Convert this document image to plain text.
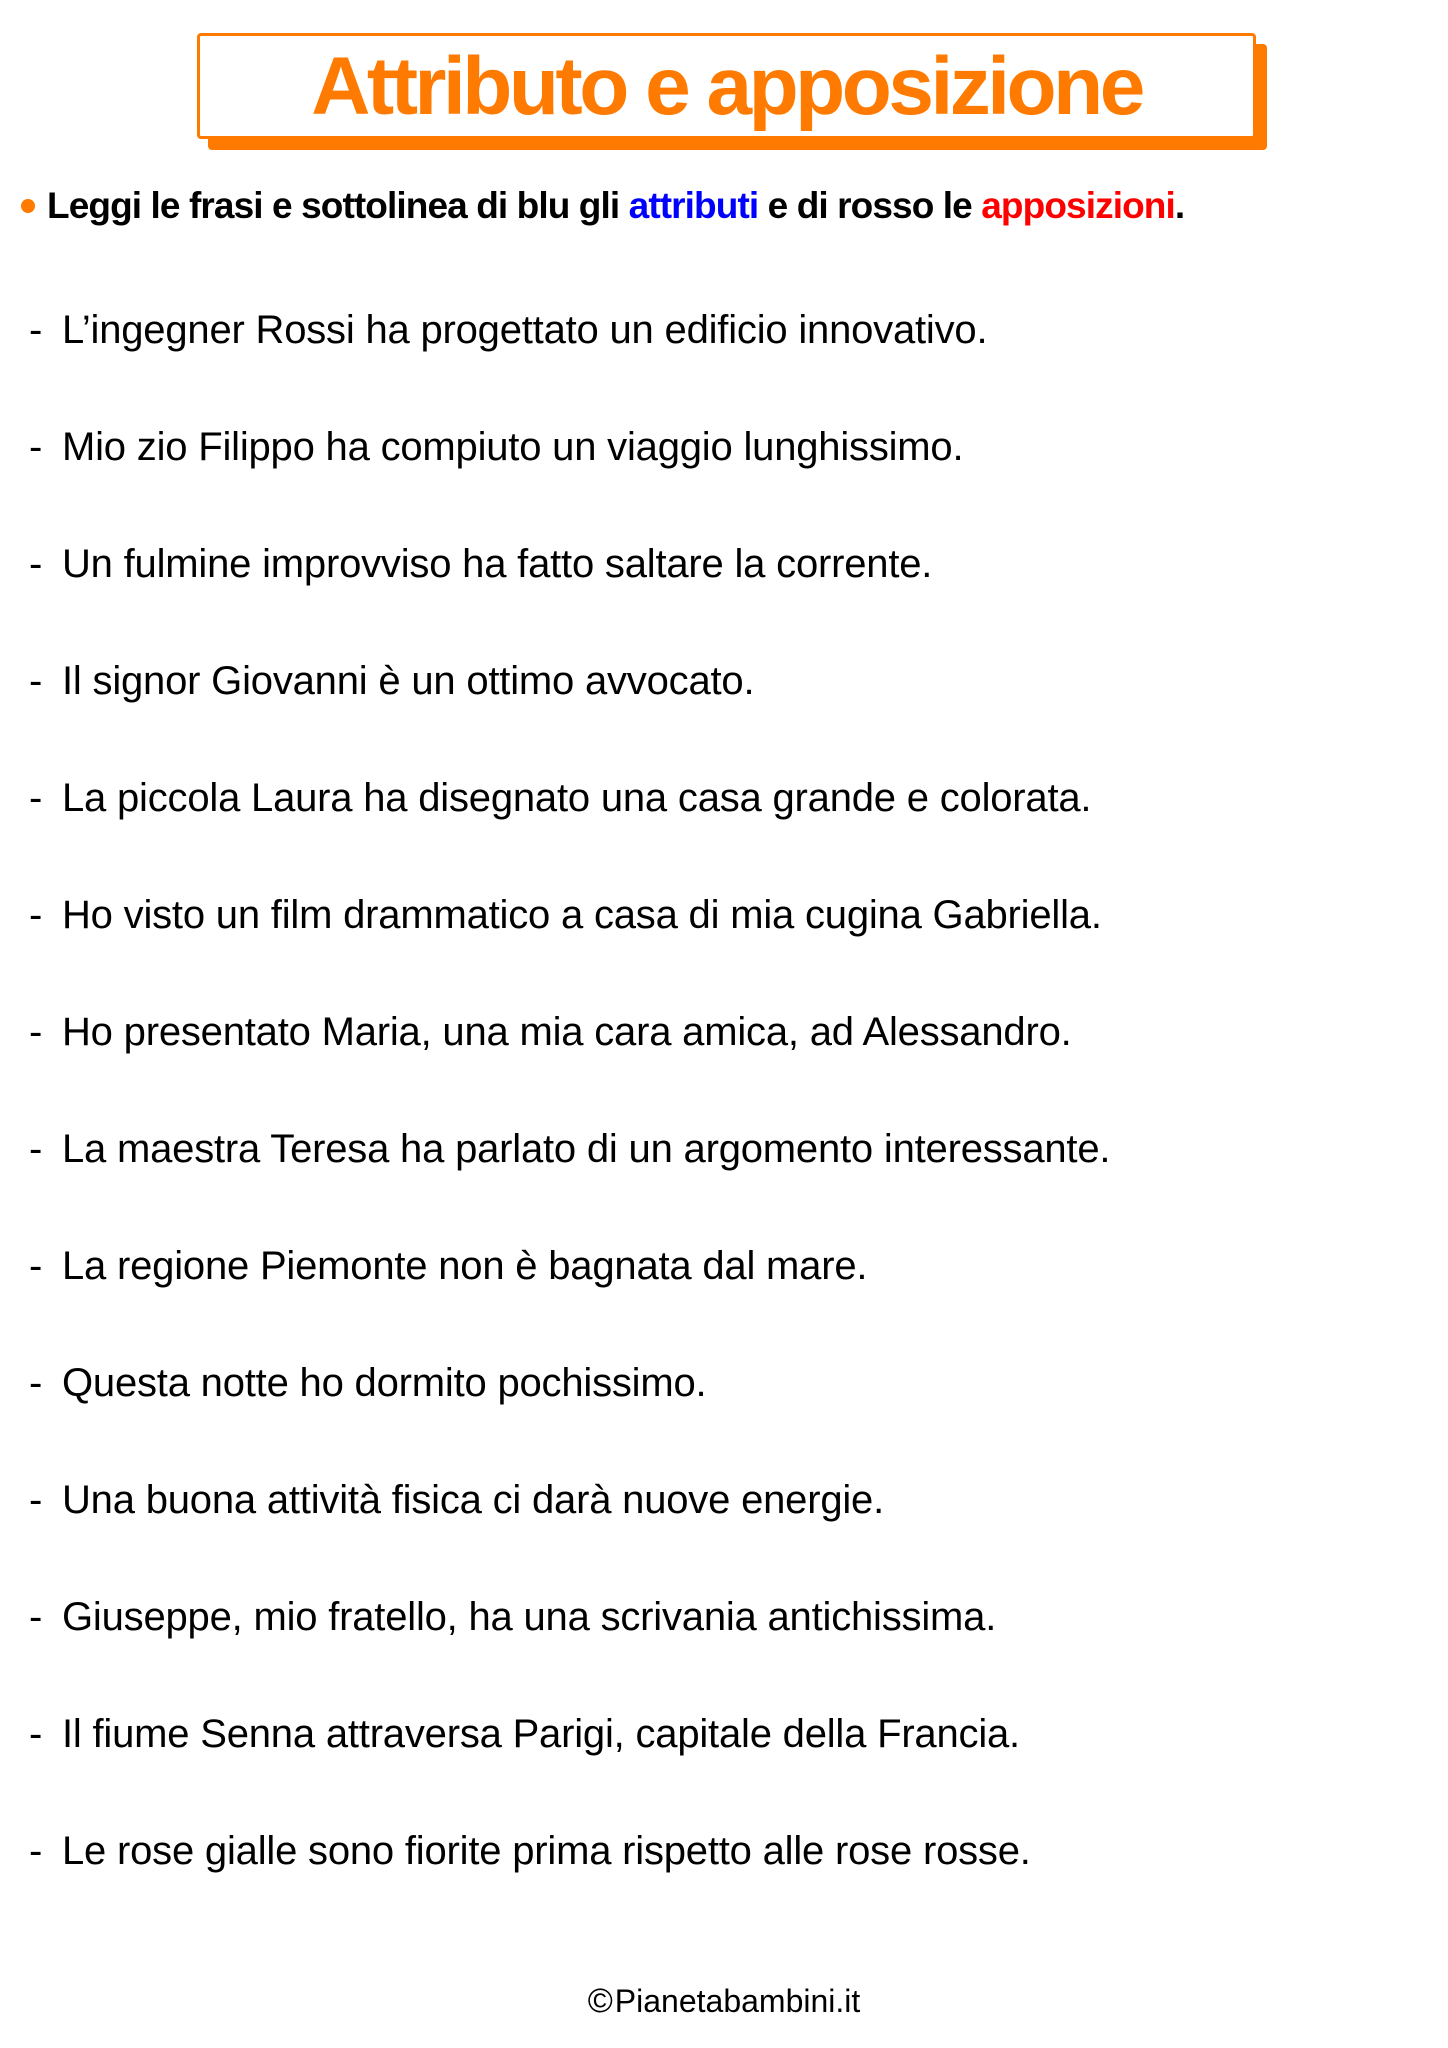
Attributo e apposizione
Leggi le frasi e sottolinea di blu gli attributi e di rosso le apposizioni.
- L’ingegner Rossi ha progettato un edificio innovativo.
- Mio zio Filippo ha compiuto un viaggio lunghissimo.
- Un fulmine improvviso ha fatto saltare la corrente.
- Il signor Giovanni è un ottimo avvocato.
- La piccola Laura ha disegnato una casa grande e colorata.
- Ho visto un film drammatico a casa di mia cugina Gabriella.
- Ho presentato Maria, una mia cara amica, ad Alessandro.
- La maestra Teresa ha parlato di un argomento interessante.
- La regione Piemonte non è bagnata dal mare.
- Questa notte ho dormito pochissimo.
- Una buona attività fisica ci darà nuove energie.
- Giuseppe, mio fratello, ha una scrivania antichissima.
- Il fiume Senna attraversa Parigi, capitale della Francia.
- Le rose gialle sono fiorite prima rispetto alle rose rosse.
©Pianetabambini.it
